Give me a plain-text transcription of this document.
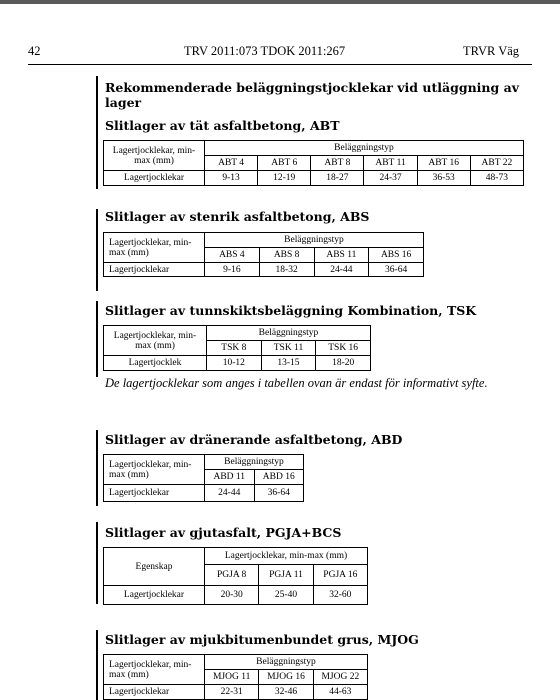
42	TRV 2011:073 TDOK 2011:267	TRVR Väg
Rekommenderade beläggningstjocklekar vid utläggning av lager
Slitlager av tät asfaltbetong, ABT
Lagertjocklekar, min-max (mm)	Beläggningstyp					
	ABT 4	ABT 6	ABT 8	ABT 11	ABT 16	ABT 22
Lagertjocklekar	9-13	12-19	18-27	24-37	36-53	48-73
Slitlager av stenrik asfaltbetong, ABS
Lagertjocklekar, min-max (mm)	Beläggningstyp			
	ABS 4	ABS 8	ABS 11	ABS 16
Lagertjocklekar	9-16	18-32	24-44	36-64
Slitlager av tunnskiktsbeläggning Kombination, TSK
Lagertjocklekar, min-max (mm)	Beläggningstyp		
	TSK 8	TSK 11	TSK 16
Lagertjocklek	10-12	13-15	18-20
De lagertjocklekar som anges i tabellen ovan är endast för informativt syfte.
Slitlager av dränerande asfaltbetong, ABD
Lagertjocklekar, min-max (mm)	Beläggningstyp	
	ABD 11	ABD 16
Lagertjocklekar	24-44	36-64
Slitlager av gjutasfalt, PGJA+BCS
Egenskap	Lagertjocklekar, min-max (mm)		
	PGJA 8	PGJA 11	PGJA 16
Lagertjocklekar	20-30	25-40	32-60
Slitlager av mjukbitumenbundet grus, MJOG
Lagertjocklekar, min-max (mm)	Beläggningstyp		
	MJOG 11	MJOG 16	MJOG 22
Lagertjocklekar	22-31	32-46	44-63
